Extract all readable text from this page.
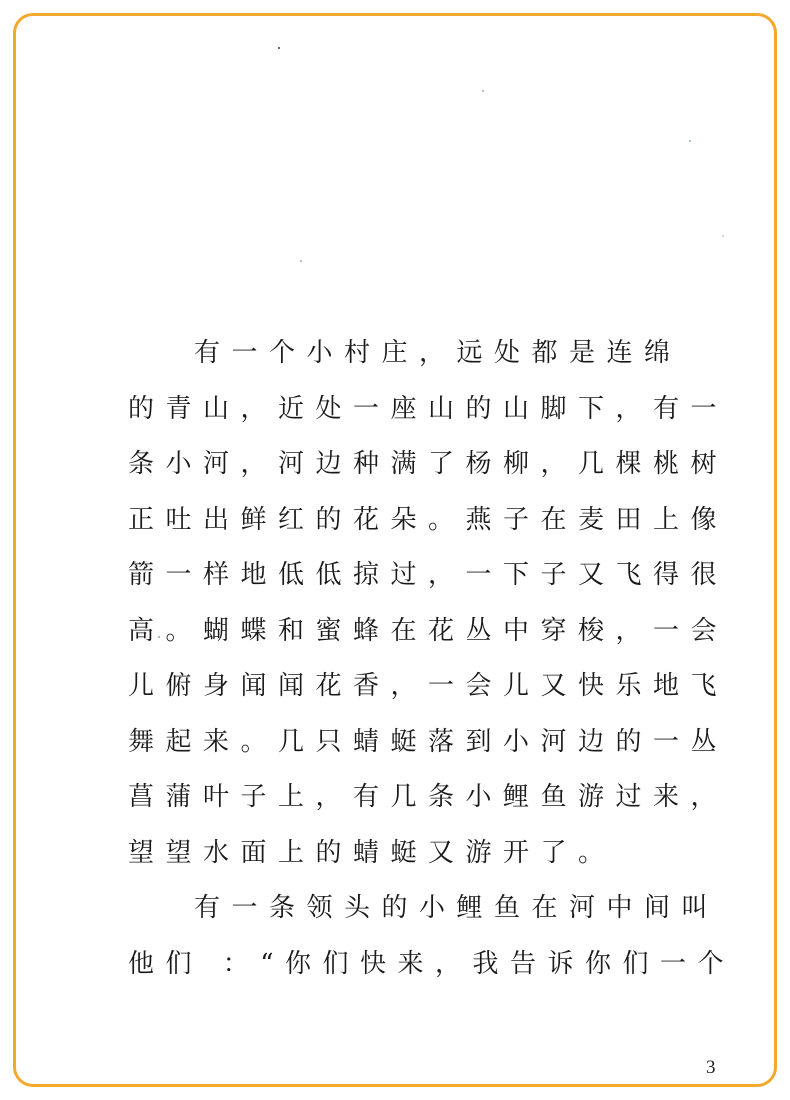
有一个小村庄，远处都是连绵
的青山，近处一座山的山脚下，有一
条小河，河边种满了杨柳，几棵桃树
正吐出鲜红的花朵。燕子在麦田上像
箭一样地低低掠过，一下子又飞得很
高。蝴蝶和蜜蜂在花丛中穿梭，一会
儿俯身闻闻花香，一会儿又快乐地飞
舞起来。几只蜻蜓落到小河边的一丛
菖蒲叶子上，有几条小鲤鱼游过来，
望望水面上的蜻蜓又游开了。
有一条领头的小鲤鱼在河中间叫
他们 ：“你们快来，我告诉你们一个
3
